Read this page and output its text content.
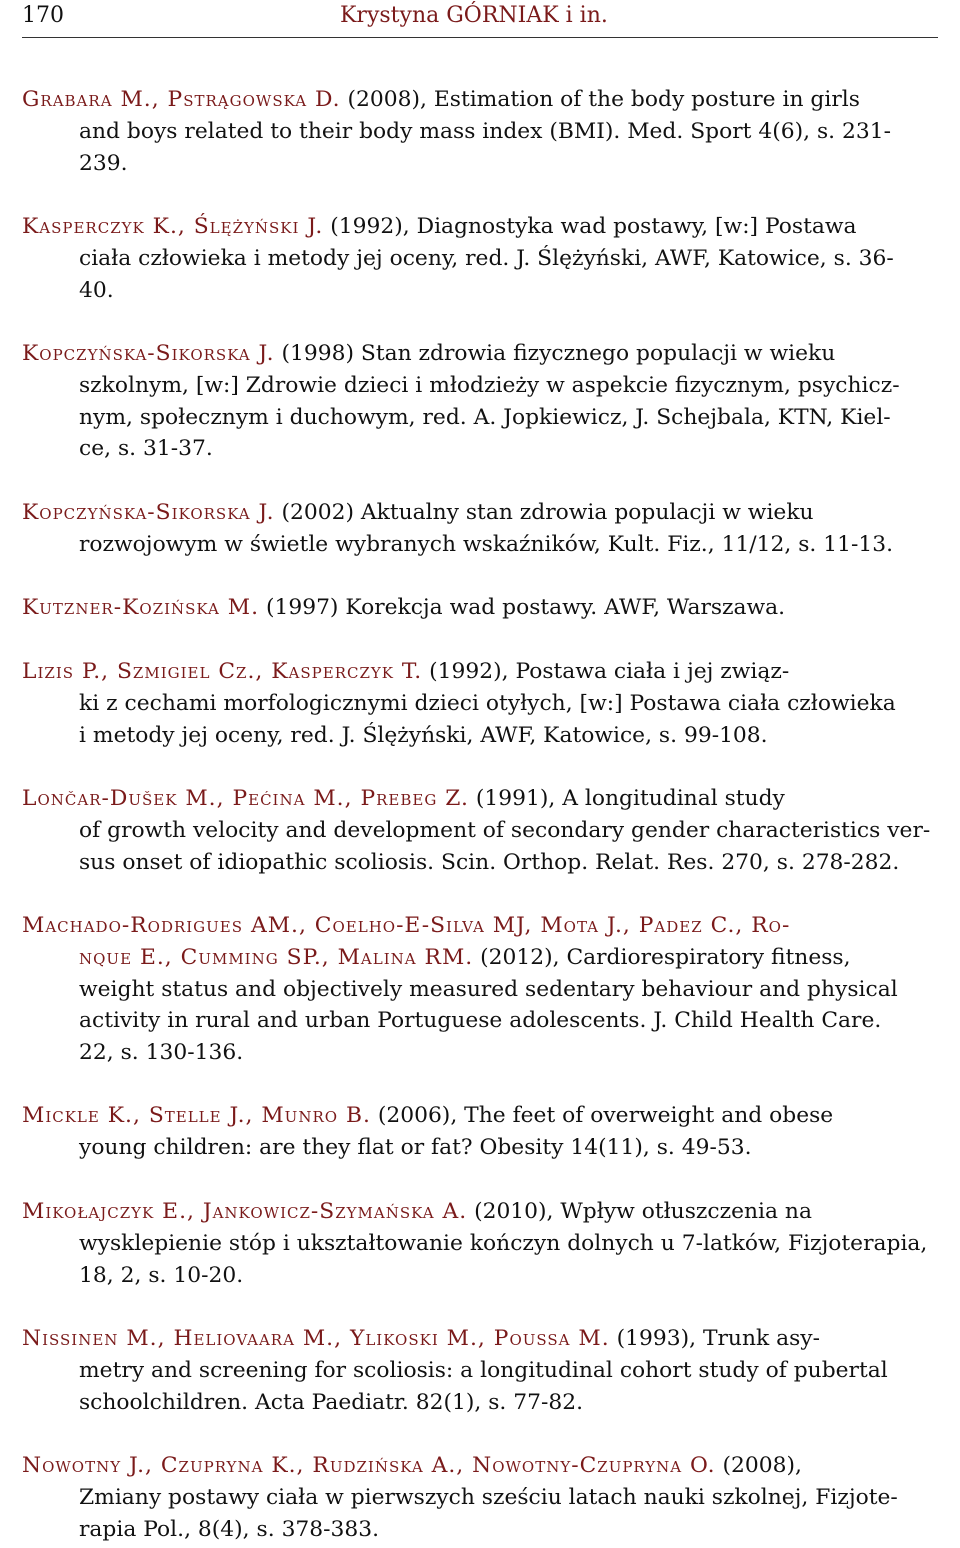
170	Krystyna GÓRNIAK i in.
Grabara M., Pstrągowska D. (2008), Estimation of the body posture in girls
and boys related to their body mass index (BMI). Med. Sport 4(6), s. 231-
239.
Kasperczyk K., Ślężyński J. (1992), Diagnostyka wad postawy, [w:] Postawa
ciała człowieka i metody jej oceny, red. J. Ślężyński, AWF, Katowice, s. 36-
40.
Kopczyńska-Sikorska J. (1998) Stan zdrowia fizycznego populacji w wieku
szkolnym, [w:] Zdrowie dzieci i młodzieży w aspekcie fizycznym, psychicz-
nym, społecznym i duchowym, red. A. Jopkiewicz, J. Schejbala, KTN, Kiel-
ce, s. 31-37.
Kopczyńska-Sikorska J. (2002) Aktualny stan zdrowia populacji w wieku
rozwojowym w świetle wybranych wskaźników, Kult. Fiz., 11/12, s. 11-13.
Kutzner-Kozińska M. (1997) Korekcja wad postawy. AWF, Warszawa.
Lizis P., Szmigiel Cz., Kasperczyk T. (1992), Postawa ciała i jej związ-
ki z cechami morfologicznymi dzieci otyłych, [w:] Postawa ciała człowieka
i metody jej oceny, red. J. Ślężyński, AWF, Katowice, s. 99-108.
Lončar-Dušek M., Pećina M., Prebeg Z. (1991), A longitudinal study
of growth velocity and development of secondary gender characteristics ver-
sus onset of idiopathic scoliosis. Scin. Orthop. Relat. Res. 270, s. 278-282.
Machado-Rodrigues AM., Coelho-E-Silva MJ, Mota J., Padez C., Ro-
nque E., Cumming SP., Malina RM. (2012), Cardiorespiratory fitness,
weight status and objectively measured sedentary behaviour and physical
activity in rural and urban Portuguese adolescents. J. Child Health Care.
22, s. 130-136.
Mickle K., Stelle J., Munro B. (2006), The feet of overweight and obese
young children: are they flat or fat? Obesity 14(11), s. 49-53.
Mikołajczyk E., Jankowicz-Szymańska A. (2010), Wpływ otłuszczenia na
wysklepienie stóp i ukształtowanie kończyn dolnych u 7-latków, Fizjoterapia,
18, 2, s. 10-20.
Nissinen M., Heliovaara M., Ylikoski M., Poussa M. (1993), Trunk asy-
metry and screening for scoliosis: a longitudinal cohort study of pubertal
schoolchildren. Acta Paediatr. 82(1), s. 77-82.
Nowotny J., Czupryna K., Rudzińska A., Nowotny-Czupryna O. (2008),
Zmiany postawy ciała w pierwszych sześciu latach nauki szkolnej, Fizjote-
rapia Pol., 8(4), s. 378-383.
